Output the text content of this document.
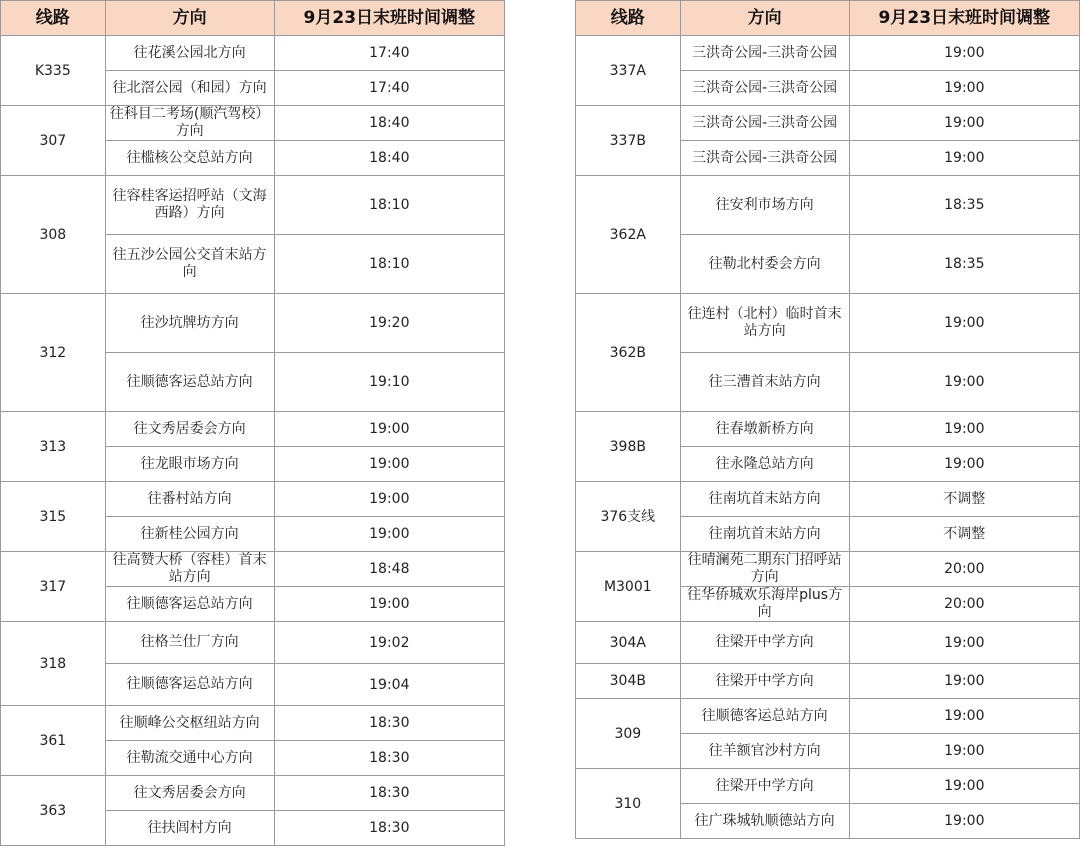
线路	方向	9月23日末班时间调整
K335	往花溪公园北方向	17:40
	往北滘公园（和园）方向	17:40
307	往科目二考场(顺汽驾校）方向	18:40
	往槛核公交总站方向	18:40
308	往容桂客运招呼站（文海西路）方向	18:10
	往五沙公园公交首末站方向	18:10
312	往沙坑牌坊方向	19:20
	往顺德客运总站方向	19:10
313	往文秀居委会方向	19:00
	往龙眼市场方向	19:00
315	往番村站方向	19:00
	往新桂公园方向	19:00
317	往高赞大桥（容桂）首末站方向	18:48
	往顺德客运总站方向	19:00
318	往格兰仕厂方向	19:02
	往顺德客运总站方向	19:04
361	往顺峰公交枢纽站方向	18:30
	往勒流交通中心方向	18:30
363	往文秀居委会方向	18:30
	往扶闾村方向	18:30
线路	方向	9月23日末班时间调整
337A	三洪奇公园-三洪奇公园	19:00
	三洪奇公园-三洪奇公园	19:00
337B	三洪奇公园-三洪奇公园	19:00
	三洪奇公园-三洪奇公园	19:00
362A	往安利市场方向	18:35
	往勒北村委会方向	18:35
362B	往连村（北村）临时首末站方向	19:00
	往三漕首末站方向	19:00
398B	往春墩新桥方向	19:00
	往永隆总站方向	19:00
376支线	往南坑首末站方向	不调整
	往南坑首末站方向	不调整
M3001	往晴澜苑二期东门招呼站方向	20:00
	往华侨城欢乐海岸plus方向	20:00
304A	往梁开中学方向	19:00
304B	往梁开中学方向	19:00
309	往顺德客运总站方向	19:00
	往羊额官沙村方向	19:00
310	往梁开中学方向	19:00
	往广珠城轨顺德站方向	19:00
